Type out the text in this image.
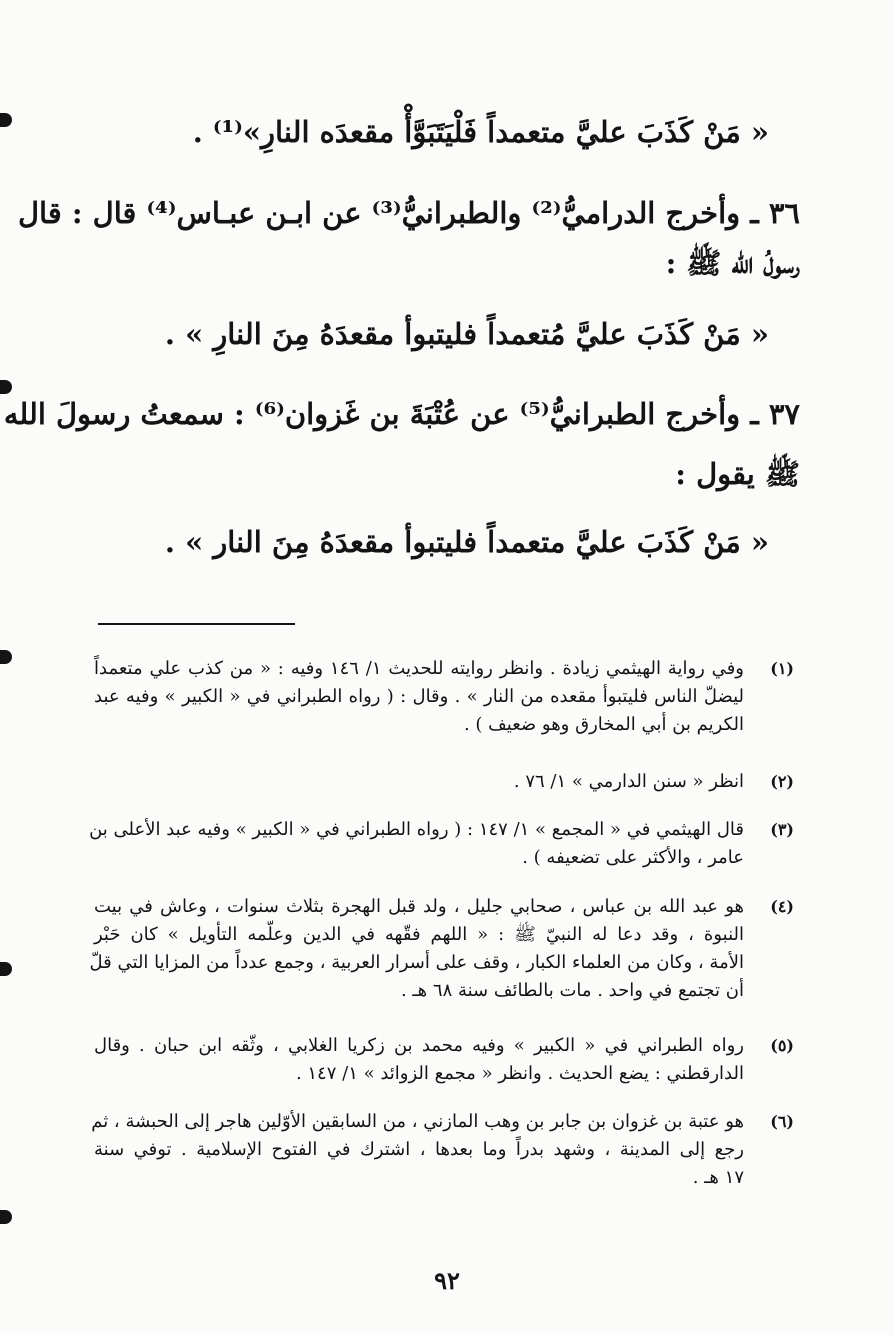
« مَنْ كَذَبَ عليَّ متعمداً فَلْيَتَبَوَّأْ مقعدَه النارِ»⁽¹⁾ .
٣٦ ـ وأخرج الدراميُّ⁽²⁾ والطبرانيُّ⁽³⁾ عن ابـن عبـاس⁽⁴⁾ قال : قال
رسولُ الله ﷺ :
« مَنْ كَذَبَ عليَّ مُتعمداً فليتبوأ مقعدَهُ مِنَ النارِ » .
٣٧ ـ وأخرج الطبرانيُّ⁽⁵⁾ عن عُتْبَةَ بن غَزوان⁽⁶⁾ : سمعتُ رسولَ الله
ﷺ يقول :
« مَنْ كَذَبَ عليَّ متعمداً فليتبوأ مقعدَهُ مِنَ النار » .
(١)
وفي رواية الهيثمي زيادة . وانظر روايته للحديث ١/ ١٤٦ وفيه : « من كذب علي متعمداً
ليضلّ الناس فليتبوأ مقعده من النار » . وقال : ( رواه الطبراني في « الكبير » وفيه عبد
الكريم بن أبي المخارق وهو ضعيف ) .
(٢)
انظر « سنن الدارمي » ١/ ٧٦ .
(٣)
قال الهيثمي في « المجمع » ١/ ١٤٧ : ( رواه الطبراني في « الكبير » وفيه عبد الأعلى بن
عامر ، والأكثر على تضعيفه ) .
(٤)
هو عبد الله بن عباس ، صحابي جليل ، ولد قبل الهجرة بثلاث سنوات ، وعاش في بيت
النبوة ، وقد دعا له النبيّ ﷺ : « اللهم فقّهه في الدين وعلّمه التأويل » كان حَبْر
الأمة ، وكان من العلماء الكبار ، وقف على أسرار العربية ، وجمع عدداً من المزايا التي قلّ
أن تجتمع في واحد . مات بالطائف سنة ٦٨ هـ .
(٥)
رواه الطبراني في « الكبير » وفيه محمد بن زكريا الغلابي ، وثّقه ابن حبان . وقال
الدارقطني : يضع الحديث . وانظر « مجمع الزوائد » ١/ ١٤٧ .
(٦)
هو عتبة بن غزوان بن جابر بن وهب المازني ، من السابقين الأوّلين هاجر إلى الحبشة ، ثم
رجع إلى المدينة ، وشهد بدراً وما بعدها ، اشترك في الفتوح الإسلامية . توفي سنة
١٧ هـ .
٩٢
